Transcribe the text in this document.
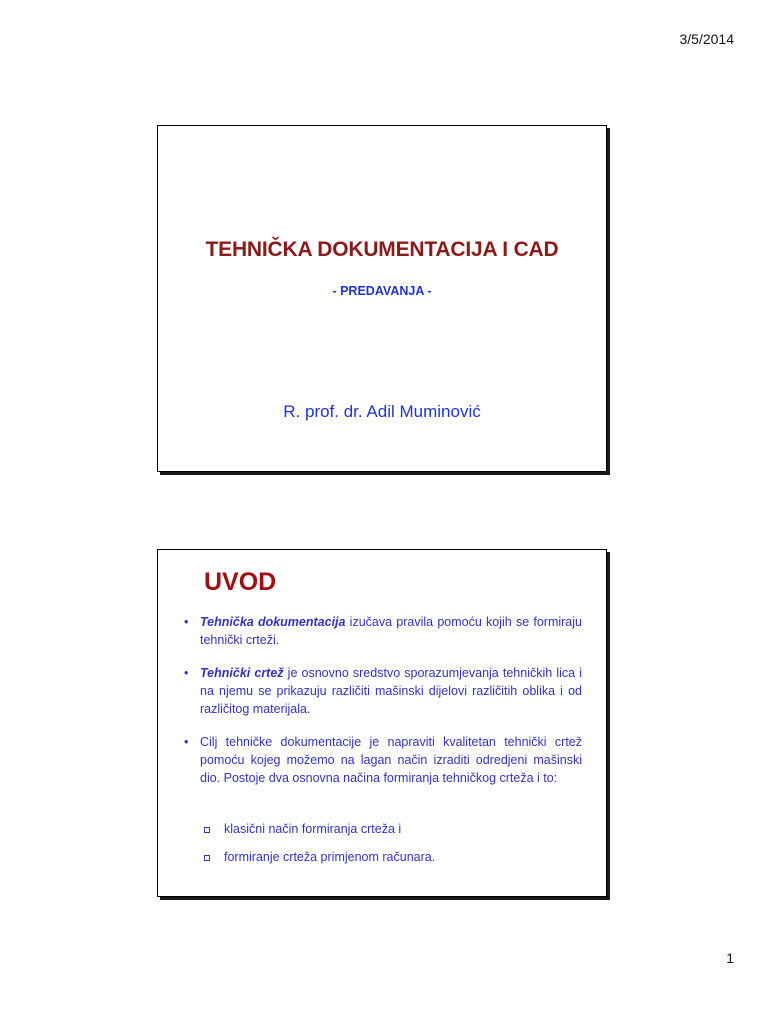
3/5/2014
TEHNIČKA DOKUMENTACIJA I CAD
- PREDAVANJA -
R. prof. dr. Adil Muminović
UVOD
• Tehnička dokumentacija izučava pravila pomoću kojih se formiraju tehnički crteži.
• Tehnički crtež je osnovno sredstvo sporazumjevanja tehničkih lica i na njemu se prikazuju različiti mašinski dijelovi različitih oblika i od različitog materijala.
• Cilj tehničke dokumentacije je napraviti kvalitetan tehnički crtež pomoću kojeg možemo na lagan način izraditi odredjeni mašinski dio. Postoje dva osnovna načina formiranja tehničkog crteža i to:
klasični način formiranja crteža i
formiranje crteža primjenom računara.
1
